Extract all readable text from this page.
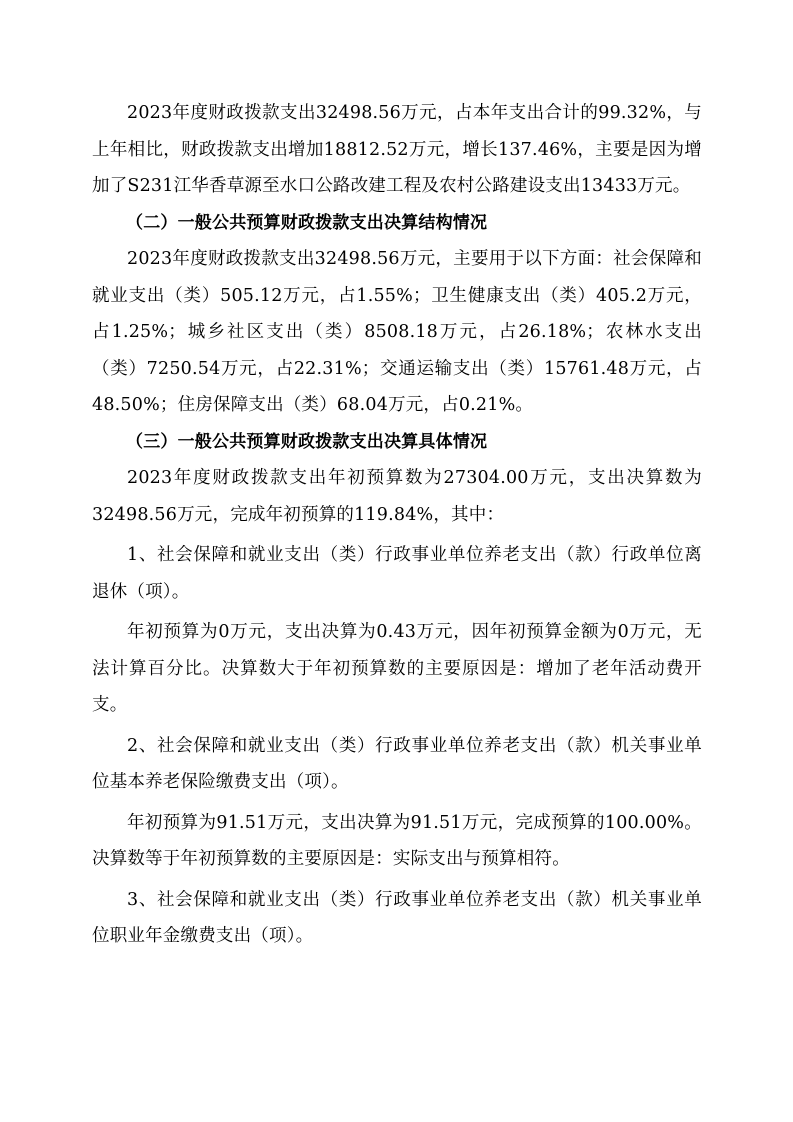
2023年度财政拨款支出32498.56万元，占本年支出合计的99.32%，与上年相比，财政拨款支出增加18812.52万元，增长137.46%，主要是因为增加了S231江华香草源至水口公路改建工程及农村公路建设支出13433万元。

（二）一般公共预算财政拨款支出决算结构情况

2023年度财政拨款支出32498.56万元，主要用于以下方面：社会保障和就业支出（类）505.12万元，占1.55%；卫生健康支出（类）405.2万元，占1.25%；城乡社区支出（类）8508.18万元，占26.18%；农林水支出（类）7250.54万元，占22.31%；交通运输支出（类）15761.48万元，占48.50%；住房保障支出（类）68.04万元，占0.21%。

（三）一般公共预算财政拨款支出决算具体情况

2023年度财政拨款支出年初预算数为27304.00万元，支出决算数为32498.56万元，完成年初预算的119.84%，其中：

1、社会保障和就业支出（类）行政事业单位养老支出（款）行政单位离退休（项）。

年初预算为0万元，支出决算为0.43万元，因年初预算金额为0万元，无法计算百分比。决算数大于年初预算数的主要原因是：增加了老年活动费开支。

2、社会保障和就业支出（类）行政事业单位养老支出（款）机关事业单位基本养老保险缴费支出（项）。

年初预算为91.51万元，支出决算为91.51万元，完成预算的100.00%。决算数等于年初预算数的主要原因是：实际支出与预算相符。

3、社会保障和就业支出（类）行政事业单位养老支出（款）机关事业单位职业年金缴费支出（项）。
